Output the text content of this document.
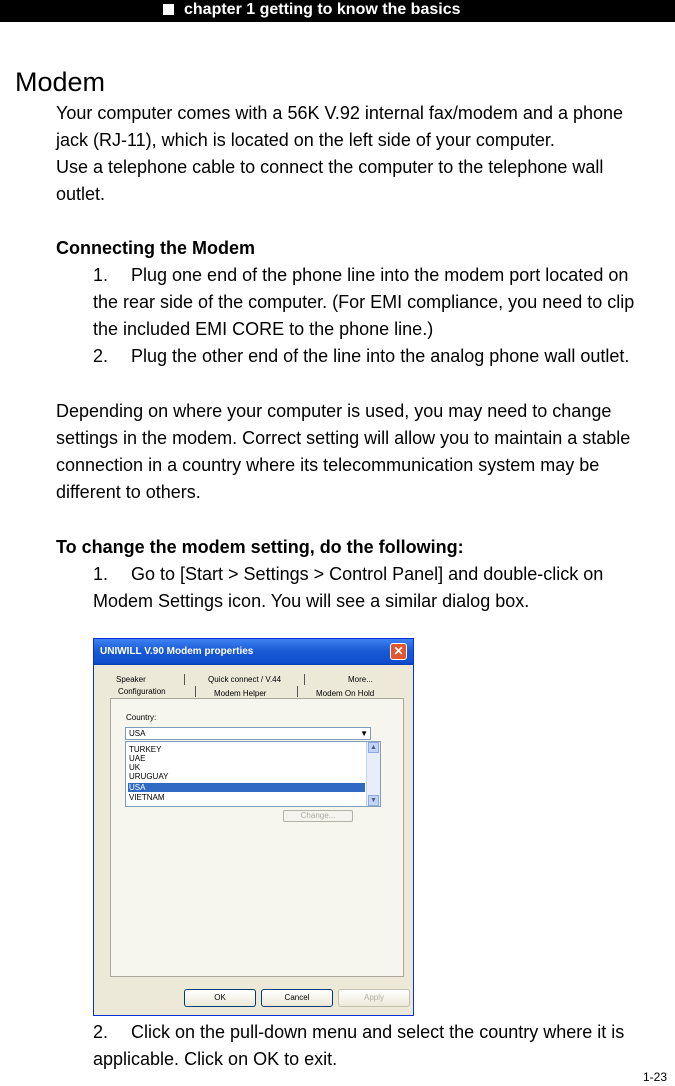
chapter 1 getting to know the basics
Modem
Your computer comes with a 56K V.92 internal fax/modem and a phone
jack (RJ-11), which is located on the left side of your computer.
Use a telephone cable to connect the computer to the telephone wall
outlet.
Connecting the Modem
1. Plug one end of the phone line into the modem port located on
the rear side of the computer. (For EMI compliance, you need to clip
the included EMI CORE to the phone line.)
2. Plug the other end of the line into the analog phone wall outlet.
Depending on where your computer is used, you may need to change
settings in the modem. Correct setting will allow you to maintain a stable
connection in a country where its telecommunication system may be
different to others.
To change the modem setting, do the following:
1. Go to [Start > Settings > Control Panel] and double-click on
Modem Settings icon. You will see a similar dialog box.
UNIWILL V.90 Modem properties	✕
Speaker	Quick connect / V.44	More...
Configuration	Modem Helper	Modem On Hold
Country:
USA	▼
TURKEY
UAE
UK
URUGUAY
USA
VIETNAM
▲
▼
Change...
OK	Cancel	Apply
2. Click on the pull-down menu and select the country where it is
applicable. Click on OK to exit.
1-23
